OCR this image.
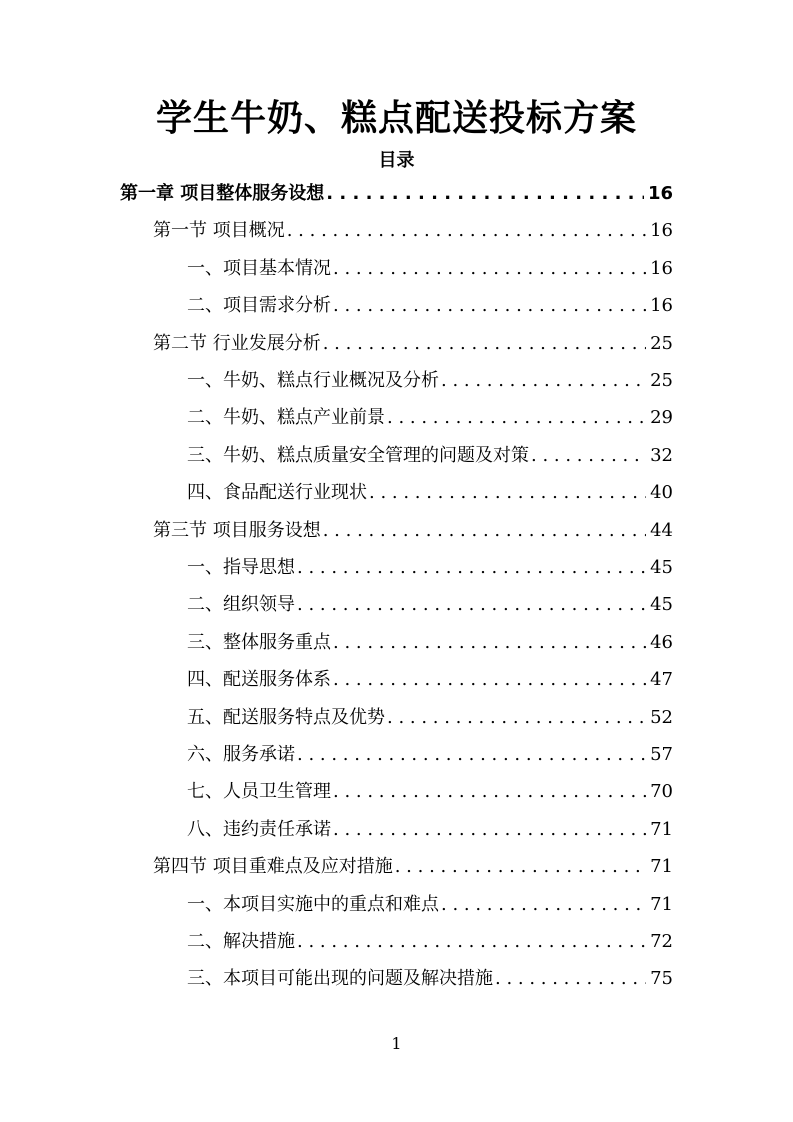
学生牛奶、糕点配送投标方案
目录
第一章 项目整体服务设想 . . .	16
第一节 项目概况 . . .	16
一、项目基本情况 . . .	16
二、项目需求分析 . . .	16
第二节 行业发展分析 . . .	25
一、牛奶、糕点行业概况及分析 . . .	25
二、牛奶、糕点产业前景 . . .	29
三、牛奶、糕点质量安全管理的问题及对策 . . .	32
四、食品配送行业现状 . . .	40
第三节 项目服务设想 . . .	44
一、指导思想 . . .	45
二、组织领导 . . .	45
三、整体服务重点 . . .	46
四、配送服务体系 . . .	47
五、配送服务特点及优势 . . .	52
六、服务承诺 . . .	57
七、人员卫生管理 . . .	70
八、违约责任承诺 . . .	71
第四节 项目重难点及应对措施 . . .	71
一、本项目实施中的重点和难点 . . .	71
二、解决措施 . . .	72
三、本项目可能出现的问题及解决措施 . . .	75
1
